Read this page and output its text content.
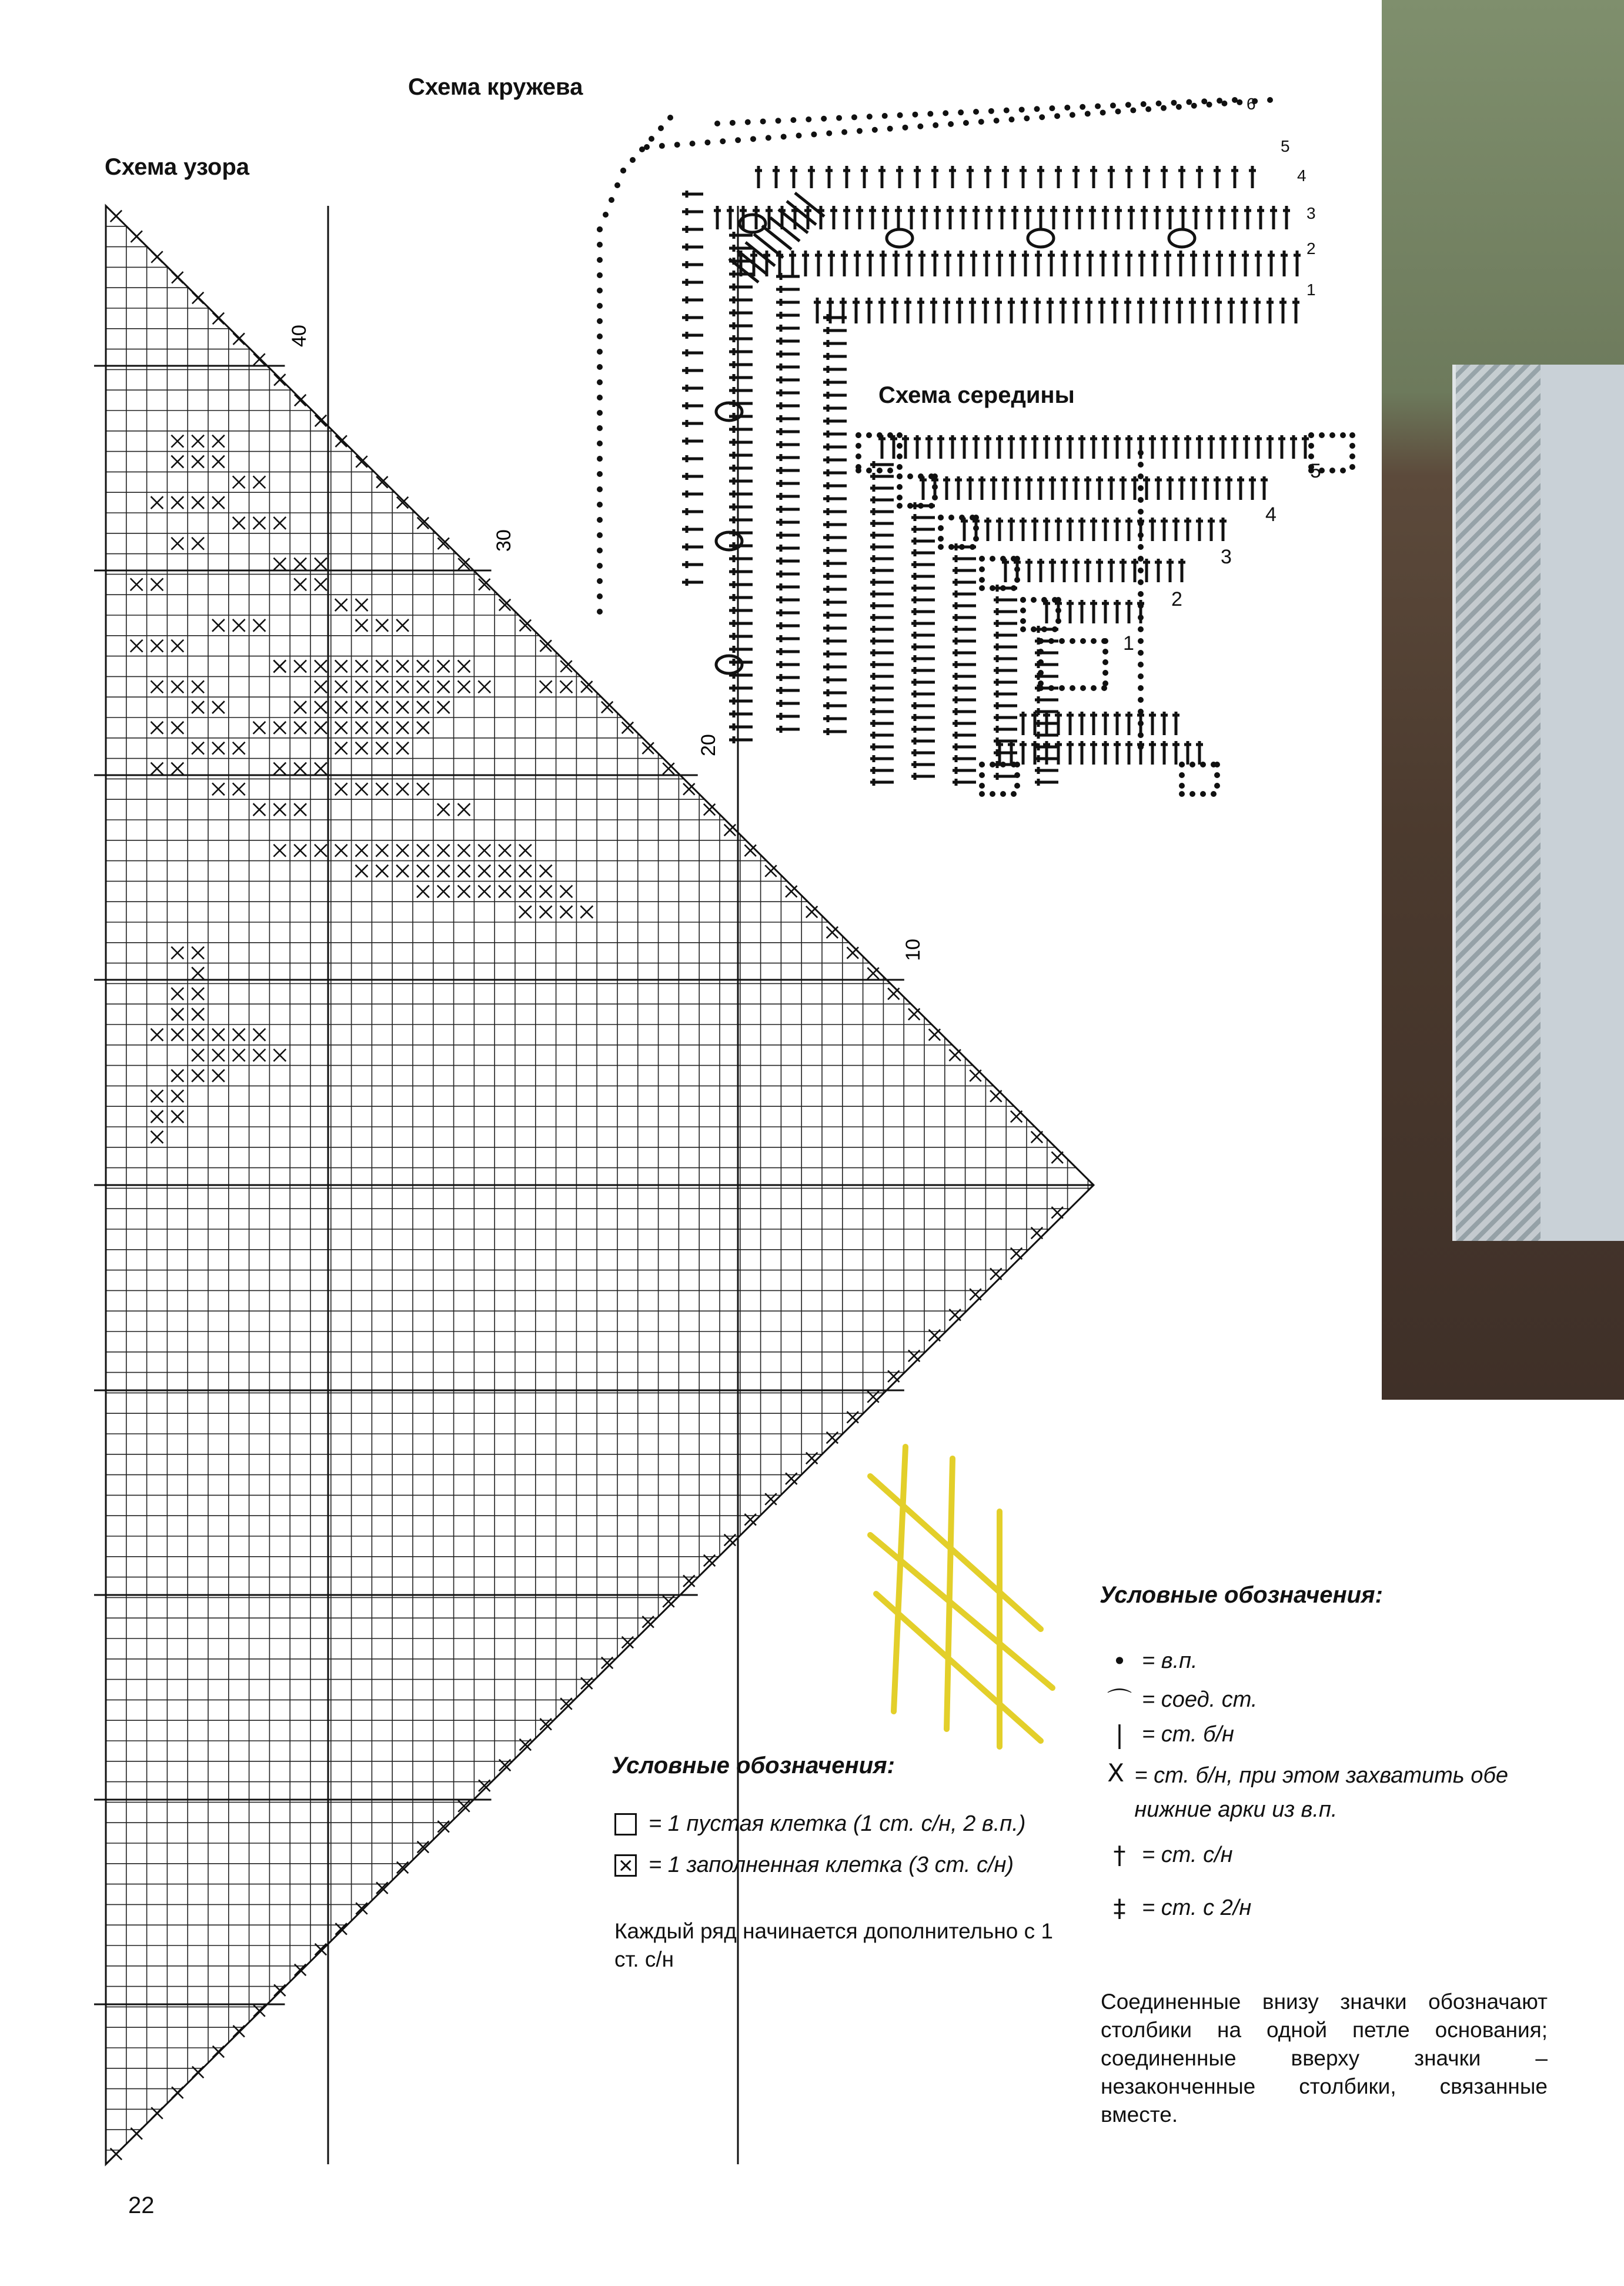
Схема узора
Схема кружева
Схема середины
40
30
20
10
1
2
3
4
5
6
1
2
3
4
5
Условные обозначения:
= 1 пустая клетка (1 ст. с/н, 2 в.п.)
×
= 1 заполненная клетка (3 ст. с/н)
Каждый ряд начинается дополнительно с 1 ст. с/н
Условные обозначения:
• = в.п.
⌒ = соед. ст.
| = ст. б/н
X = ст. б/н, при этом захватить обе нижние арки из в.п.
† = ст. с/н
‡ = ст. с 2/н
Соединенные внизу значки обозначают столбики на одной петле основания; соединенные вверху значки – незаконченные столбики, связанные вместе.
22
